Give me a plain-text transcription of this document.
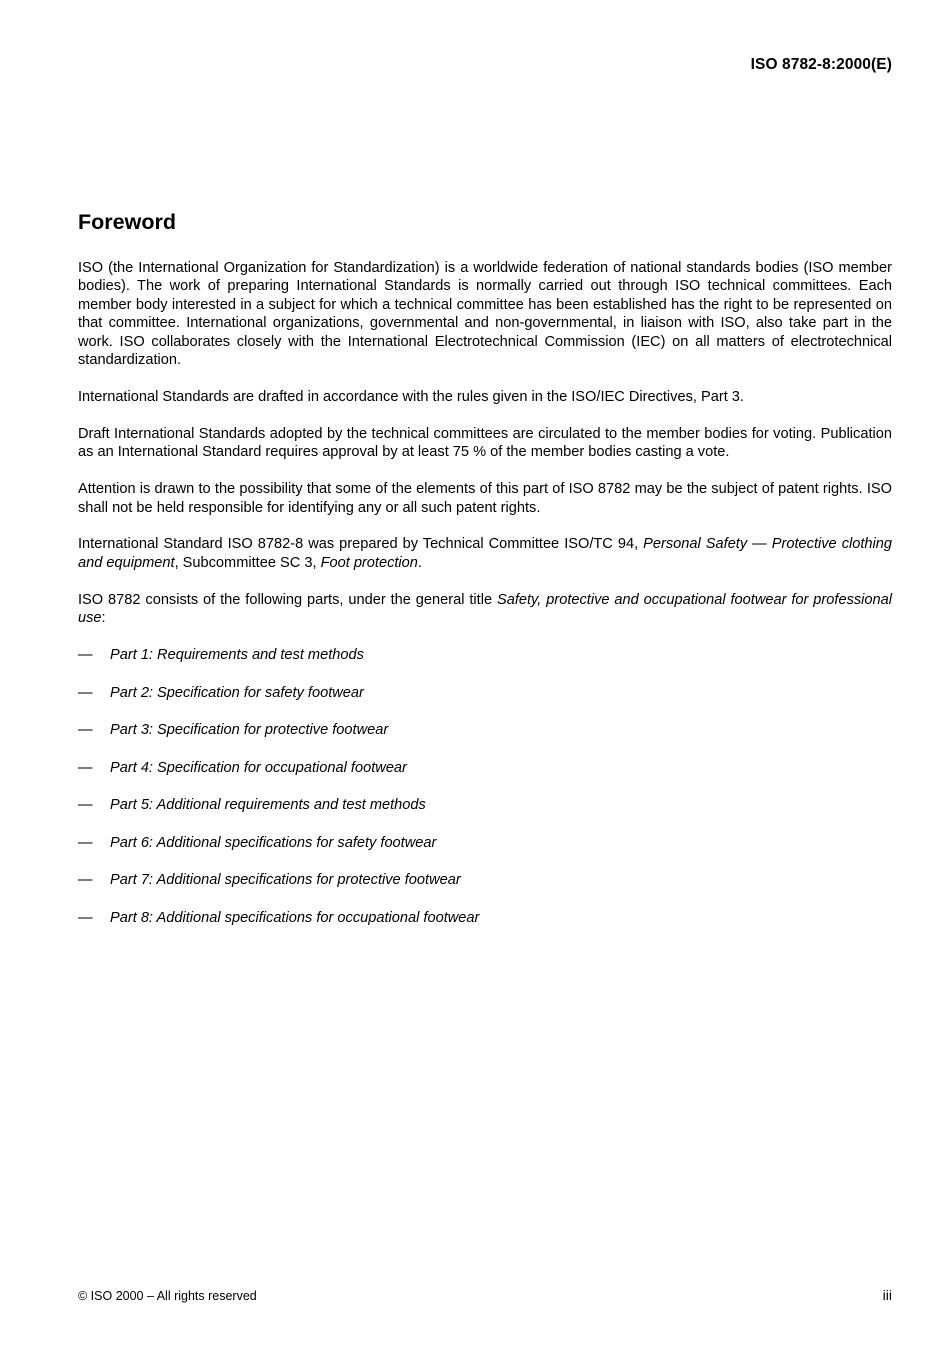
ISO 8782-8:2000(E)
Foreword

ISO (the International Organization for Standardization) is a worldwide federation of national standards bodies (ISO member bodies). The work of preparing International Standards is normally carried out through ISO technical committees. Each member body interested in a subject for which a technical committee has been established has the right to be represented on that committee. International organizations, governmental and non-governmental, in liaison with ISO, also take part in the work. ISO collaborates closely with the International Electrotechnical Commission (IEC) on all matters of electrotechnical standardization.

International Standards are drafted in accordance with the rules given in the ISO/IEC Directives, Part 3.

Draft International Standards adopted by the technical committees are circulated to the member bodies for voting. Publication as an International Standard requires approval by at least 75 % of the member bodies casting a vote.

Attention is drawn to the possibility that some of the elements of this part of ISO 8782 may be the subject of patent rights. ISO shall not be held responsible for identifying any or all such patent rights.

International Standard ISO 8782-8 was prepared by Technical Committee ISO/TC 94, Personal Safety — Protective clothing and equipment, Subcommittee SC 3, Foot protection.

ISO 8782 consists of the following parts, under the general title Safety, protective and occupational footwear for professional use:

—	Part 1: Requirements and test methods
—	Part 2: Specification for safety footwear
—	Part 3: Specification for protective footwear
—	Part 4: Specification for occupational footwear
—	Part 5: Additional requirements and test methods
—	Part 6: Additional specifications for safety footwear
—	Part 7: Additional specifications for protective footwear
—	Part 8: Additional specifications for occupational footwear
© ISO 2000 – All rights reserved	iii
